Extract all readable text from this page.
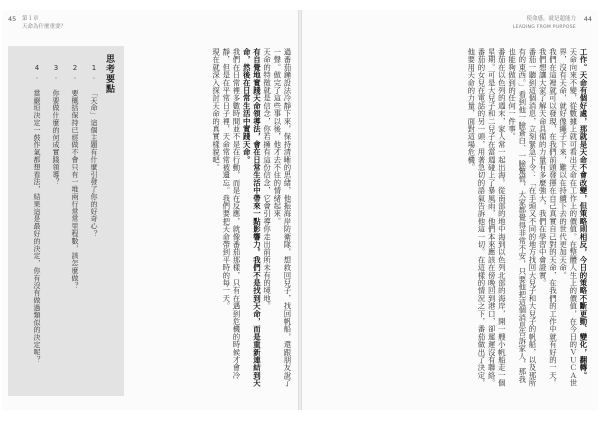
45 第１章
天命為什麼重要？

過番茄鐘設法冷靜下來，保持清晰的思緒，他振海岸防衛隊，想救回兒子，找回帆船，還跟朋友說了一聲。做完了這些事以後，他才去不住的情緒起來。

天命的特徵就是信念，你若擁有這份信念，它會引導你走出前所未有的境地。

有自覺地實踐天命領導法，會在日常生活中帶來一點影響力。我們不是找到天命，而是重新連結到天命，然後在日常生活中實踐天命。

我們在日常裡多數時間並不是在行動，而是在反應，就像番茄那樣，只有在遇到危機的時候才會冷靜，但是在平常日子裡，天命常常被遺忘。我們要把天命帶到平時的每一天。

現在就深入探討天命的真實樣貌吧。

思考要點
1. 「天命」這個主題有什麼引發了你的好奇心？
2. 要概括保持已經做不會只有一堆兩行常常里程數，該怎麼做？
3. 你要做什麼的何成實踐領導？
4. 當嚴垣決定一鼓作氣都想看法，結果這是最好的決定，你有沒有做過類似的決定呢？
使命感，就是超能力
LEADING FROM PURPOSE
44

工作。天命有個好處，那就是天命不會改變，但策略則相反，今日的策略不斷更動、變化，翻轉。

天命向來不變，從數據上就可看出天命在工作上的價值。在整體人生上的價值，在今日的ＶＵＣＡ世界，沒有天命，就好像繩子下來，難以在持續下去的世代更加天命。

我們在這裡就可以發現，在我們前頭發揮在自己真實自己對的天命，在我們的工作中就有好的一天。

我們想讓大家了解天命具備的力量有多麼強大，我們在學習中會證實。

番茄一聽到這個消息，立刻緊急下令：「在手頭又不同的地方找回大兒子和大兒子的帆船，以及那所有的東西。」看到他一臉蒼白、一臉驚慌，大家都覺得非常不安，只要他把這個消息告訴家人，那我也能夠做到的任何一件事。

番茄在以色列的週末，家人常一起出海。從南部的地中海到以色列北部的海岸，開一艘小帆船走一個星期。可是大兒子和二兒子在當週碰上了暴風雨，他們本來應該在傍晚回到港口，卻遲遲沒有聯絡。

番茄的女兒在電話的另一頭，用著急切的語氣告訴他這一切。在這樣的情況之下，番茄做出了決定，他要用天命的力量，面對這場危機。
